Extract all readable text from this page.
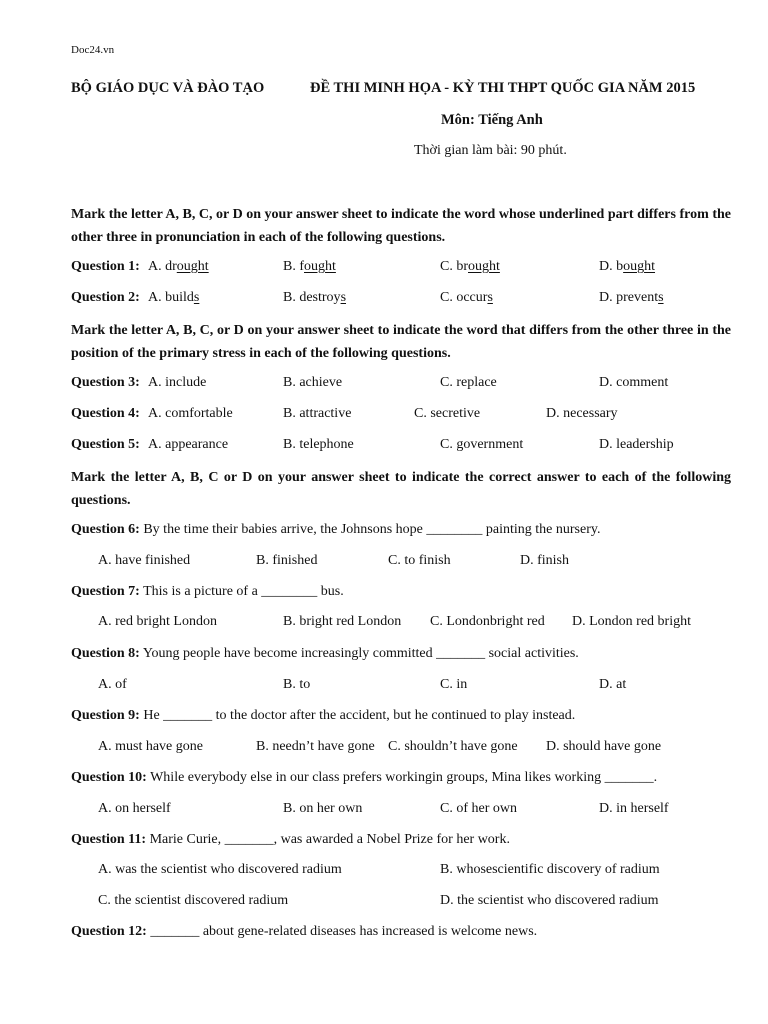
Doc24.vn
BỘ GIÁO DỤC VÀ ĐÀO TẠO	ĐỀ THI MINH HỌA - KỲ THI THPT QUỐC GIA NĂM 2015
Môn: Tiếng Anh
Thời gian làm bài: 90 phút.
Mark the letter A, B, C, or D on your answer sheet to indicate the word whose underlined part differs from the other three in pronunciation in each of the following questions.
Question 1: A. drought	B. fought	C. brought	D. bought
Question 2: A. builds	B. destroys	C. occurs	D. prevents
Mark the letter A, B, C, or D on your answer sheet to indicate the word that differs from the other three in the position of the primary stress in each of the following questions.
Question 3: A. include	B. achieve	C. replace	D. comment
Question 4: A. comfortable	B. attractive	C. secretive	D. necessary
Question 5: A. appearance	B. telephone	C. government	D. leadership
Mark the letter A, B, C or D on your answer sheet to indicate the correct answer to each of the following questions.
Question 6: By the time their babies arrive, the Johnsons hope ________ painting the nursery.
A. have finished	B. finished	C. to finish	D. finish
Question 7: This is a picture of a ________ bus.
A. red bright London	B. bright red London C. Londonbright red D. London red bright
Question 8: Young people have become increasingly committed _______ social activities.
A. of	B. to	C. in	D. at
Question 9: He _______ to the doctor after the accident, but he continued to play instead.
A. must have gone	B. needn’t have gone C. shouldn’t have gone D. should have gone
Question 10: While everybody else in our class prefers workingin groups, Mina likes working _______.
A. on herself	B. on her own	C. of her own	D. in herself
Question 11: Marie Curie, _______, was awarded a Nobel Prize for her work.
A. was the scientist who discovered radium	B. whosescientific discovery of radium
C. the scientist discovered radium	D. the scientist who discovered radium
Question 12: _______ about gene-related diseases has increased is welcome news.
